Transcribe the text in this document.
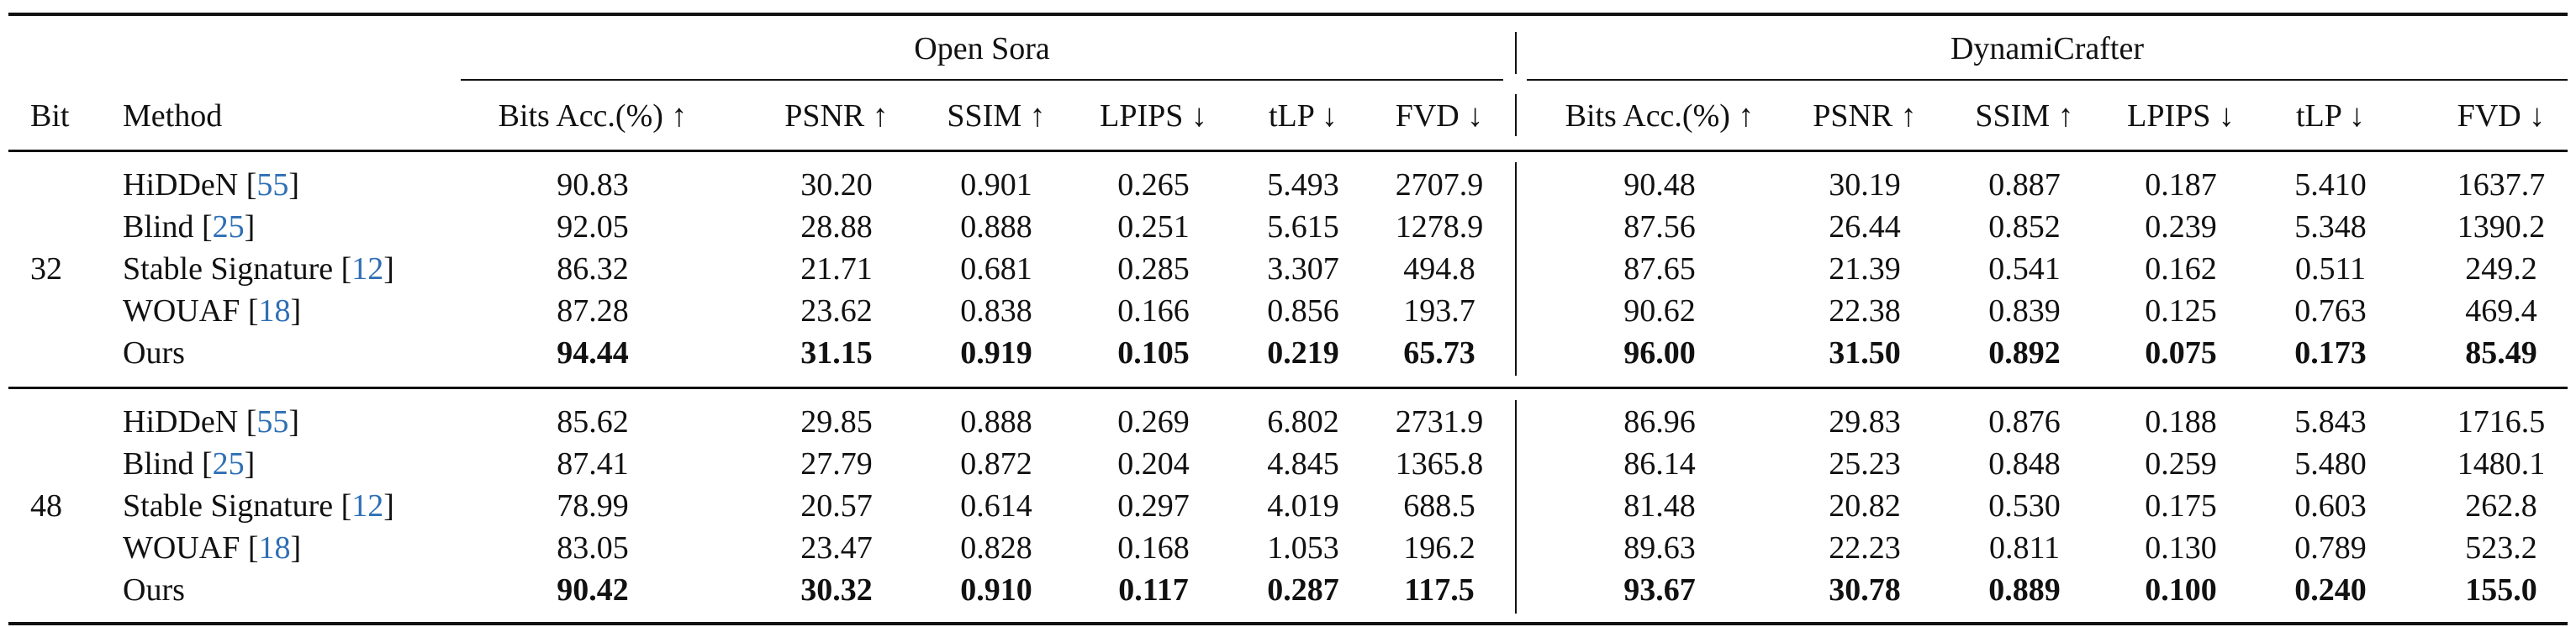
Open Sora	DynamiCrafter
Bit Method	Bits Acc.(%) ↑	PSNR ↑	SSIM ↑	LPIPS ↓	tLP ↓	FVD ↓	Bits Acc.(%) ↑	PSNR ↑	SSIM ↑	LPIPS ↓	tLP ↓	FVD ↓
32
HiDDeN [55]	90.83	30.20	0.901	0.265	5.493	2707.9	90.48	30.19	0.887	0.187	5.410	1637.7
Blind [25]	92.05	28.88	0.888	0.251	5.615	1278.9	87.56	26.44	0.852	0.239	5.348	1390.2
Stable Signature [12]	86.32	21.71	0.681	0.285	3.307	494.8	87.65	21.39	0.541	0.162	0.511	249.2
WOUAF [18]	87.28	23.62	0.838	0.166	0.856	193.7	90.62	22.38	0.839	0.125	0.763	469.4
Ours	94.44	31.15	0.919	0.105	0.219	65.73	96.00	31.50	0.892	0.075	0.173	85.49
48
HiDDeN [55]	85.62	29.85	0.888	0.269	6.802	2731.9	86.96	29.83	0.876	0.188	5.843	1716.5
Blind [25]	87.41	27.79	0.872	0.204	4.845	1365.8	86.14	25.23	0.848	0.259	5.480	1480.1
Stable Signature [12]	78.99	20.57	0.614	0.297	4.019	688.5	81.48	20.82	0.530	0.175	0.603	262.8
WOUAF [18]	83.05	23.47	0.828	0.168	1.053	196.2	89.63	22.23	0.811	0.130	0.789	523.2
Ours	90.42	30.32	0.910	0.117	0.287	117.5	93.67	30.78	0.889	0.100	0.240	155.0
